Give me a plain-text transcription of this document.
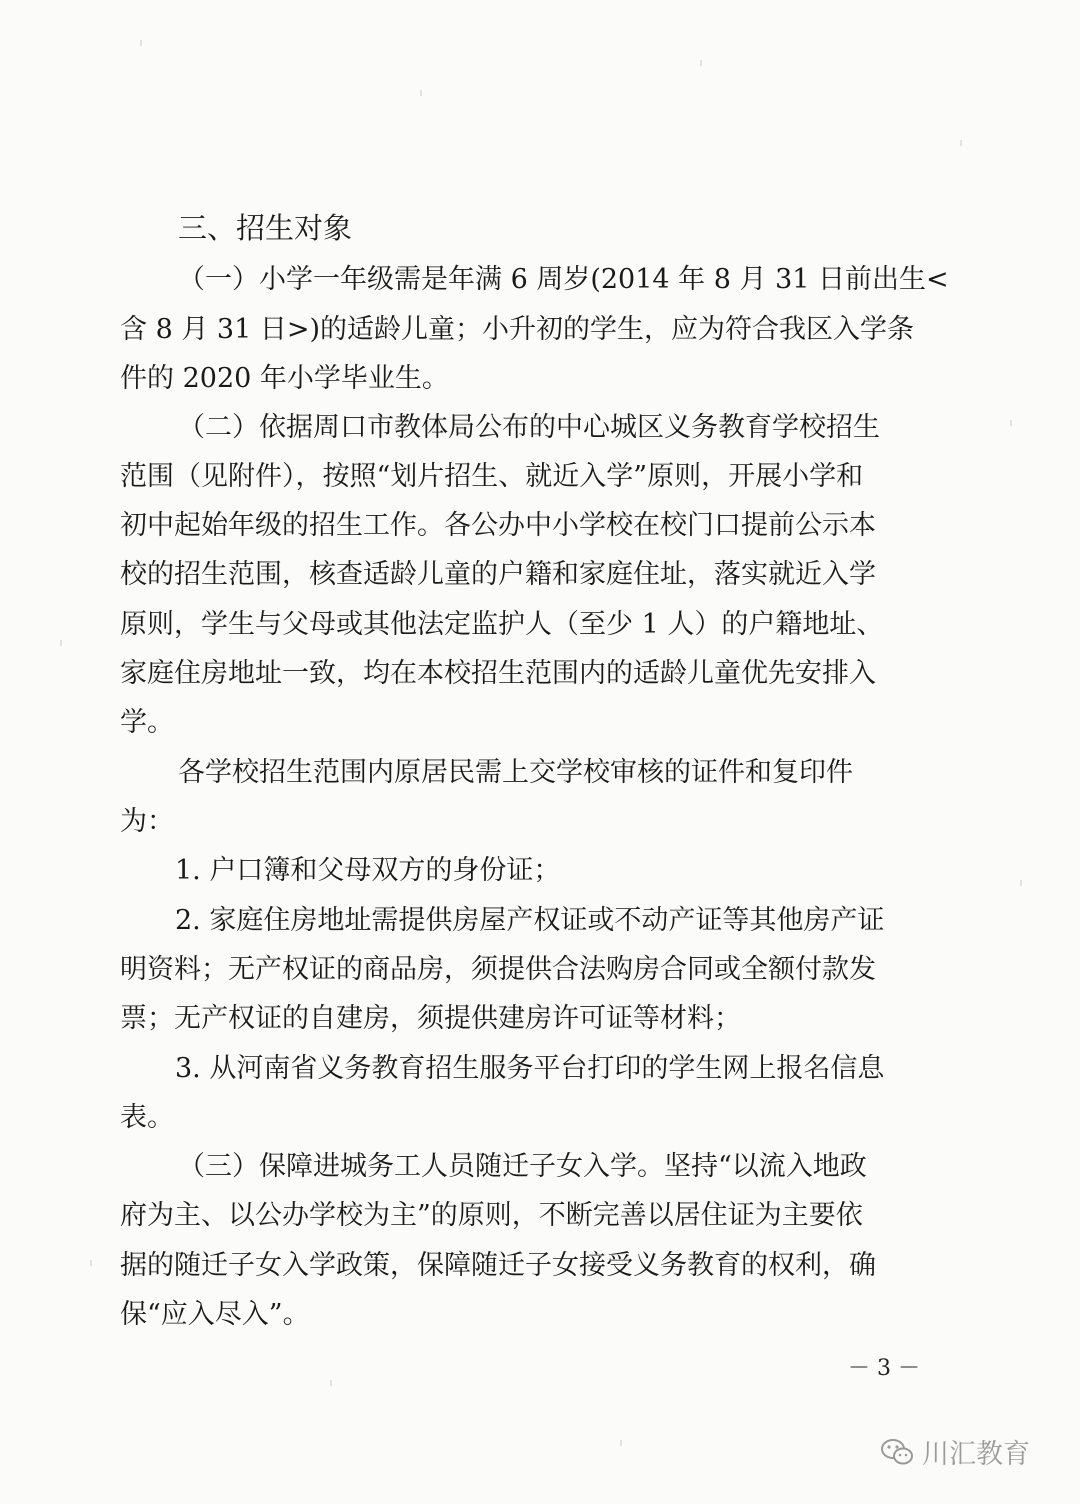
三、招生对象

（一）小学一年级需是年满 6 周岁(2014 年 8 月 31 日前出生<

含 8 月 31 日>)的适龄儿童；小升初的学生，应为符合我区入学条

件的 2020 年小学毕业生。

（二）依据周口市教体局公布的中心城区义务教育学校招生

范围（见附件），按照“划片招生、就近入学”原则，开展小学和

初中起始年级的招生工作。各公办中小学校在校门口提前公示本

校的招生范围，核查适龄儿童的户籍和家庭住址，落实就近入学

原则，学生与父母或其他法定监护人（至少 1 人）的户籍地址、

家庭住房地址一致，均在本校招生范围内的适龄儿童优先安排入

学。

各学校招生范围内原居民需上交学校审核的证件和复印件

为：

1. 户口簿和父母双方的身份证；

2. 家庭住房地址需提供房屋产权证或不动产证等其他房产证

明资料；无产权证的商品房，须提供合法购房合同或全额付款发

票；无产权证的自建房，须提供建房许可证等材料；

3. 从河南省义务教育招生服务平台打印的学生网上报名信息

表。

（三）保障进城务工人员随迁子女入学。坚持“以流入地政

府为主、以公办学校为主”的原则，不断完善以居住证为主要依

据的随迁子女入学政策，保障随迁子女接受义务教育的权利，确

保“应入尽入”。

－ 3 －
川汇教育
